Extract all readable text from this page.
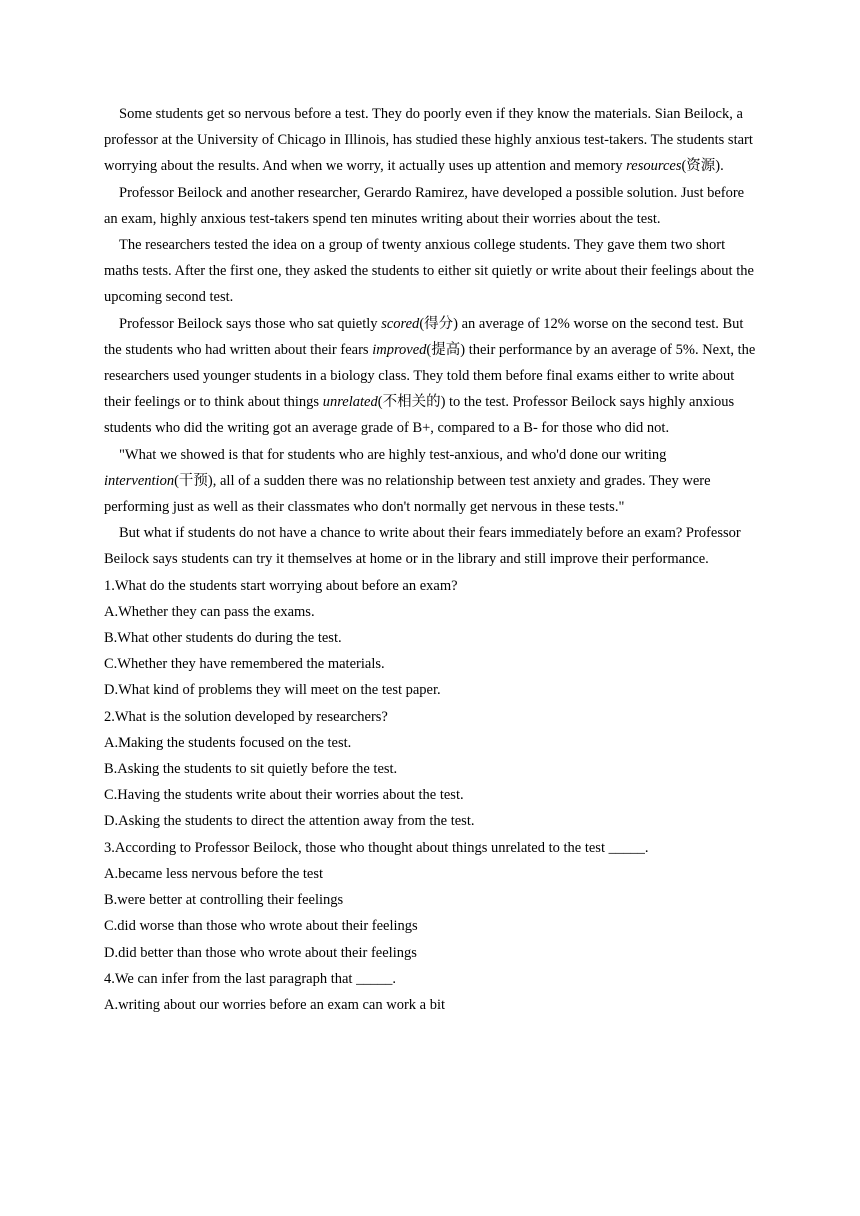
Some students get so nervous before a test. They do poorly even if they know the materials. Sian Beilock, a professor at the University of Chicago in Illinois, has studied these highly anxious test-takers. The students start worrying about the results. And when we worry, it actually uses up attention and memory resources(资源).

Professor Beilock and another researcher, Gerardo Ramirez, have developed a possible solution. Just before an exam, highly anxious test-takers spend ten minutes writing about their worries about the test.

The researchers tested the idea on a group of twenty anxious college students. They gave them two short maths tests. After the first one, they asked the students to either sit quietly or write about their feelings about the upcoming second test.

Professor Beilock says those who sat quietly scored(得分) an average of 12% worse on the second test. But the students who had written about their fears improved(提高) their performance by an average of 5%. Next, the researchers used younger students in a biology class. They told them before final exams either to write about their feelings or to think about things unrelated(不相关的) to the test. Professor Beilock says highly anxious students who did the writing got an average grade of B+, compared to a B- for those who did not.

"What we showed is that for students who are highly test-anxious, and who'd done our writing intervention(干预), all of a sudden there was no relationship between test anxiety and grades. They were performing just as well as their classmates who don't normally get nervous in these tests."

But what if students do not have a chance to write about their fears immediately before an exam? Professor Beilock says students can try it themselves at home or in the library and still improve their performance.

1.What do the students start worrying about before an exam?

A.Whether they can pass the exams.

B.What other students do during the test.

C.Whether they have remembered the materials.

D.What kind of problems they will meet on the test paper.

2.What is the solution developed by researchers?

A.Making the students focused on the test.

B.Asking the students to sit quietly before the test.

C.Having the students write about their worries about the test.

D.Asking the students to direct the attention away from the test.

3.According to Professor Beilock, those who thought about things unrelated to the test _____.

A.became less nervous before the test

B.were better at controlling their feelings

C.did worse than those who wrote about their feelings

D.did better than those who wrote about their feelings

4.We can infer from the last paragraph that _____.

A.writing about our worries before an exam can work a bit
